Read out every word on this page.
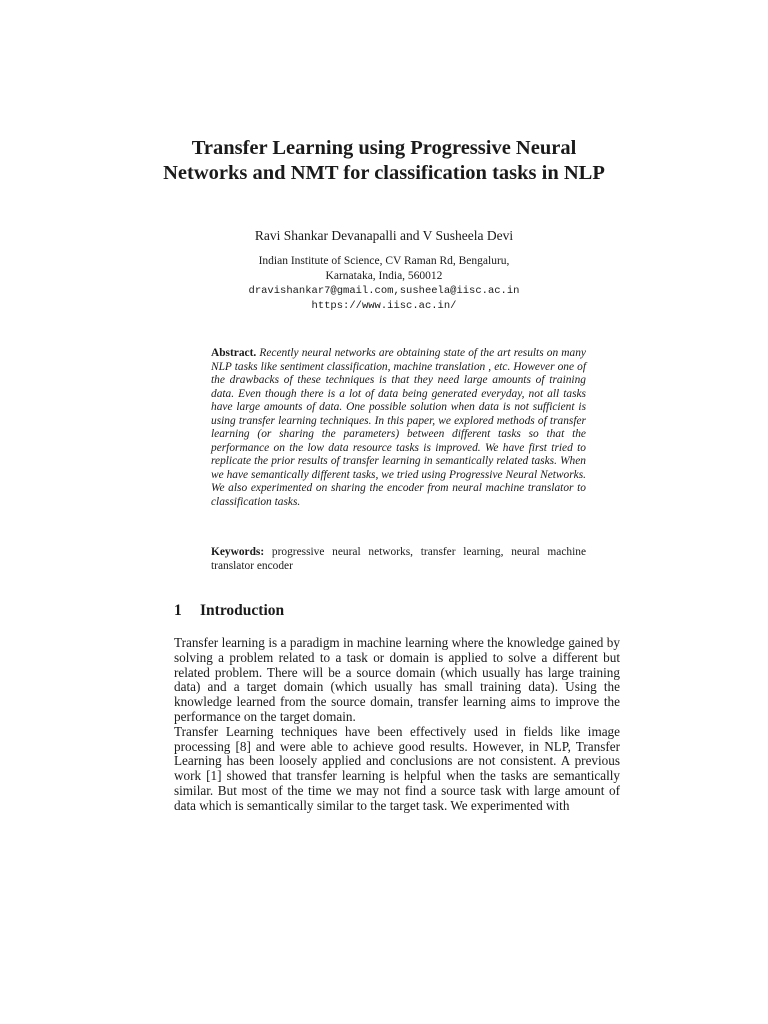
Transfer Learning using Progressive Neural Networks and NMT for classification tasks in NLP
Ravi Shankar Devanapalli and V Susheela Devi
Indian Institute of Science, CV Raman Rd, Bengaluru,
Karnataka, India, 560012
dravishankar7@gmail.com,susheela@iisc.ac.in
https://www.iisc.ac.in/

Abstract. Recently neural networks are obtaining state of the art results on many NLP tasks like sentiment classification, machine translation , etc. However one of the drawbacks of these techniques is that they need large amounts of training data. Even though there is a lot of data being generated everyday, not all tasks have large amounts of data. One possible solution when data is not sufficient is using transfer learning techniques. In this paper, we explored methods of transfer learning (or sharing the parameters) between different tasks so that the performance on the low data resource tasks is improved. We have first tried to replicate the prior results of transfer learning in semantically related tasks. When we have semantically different tasks, we tried using Progressive Neural Networks. We also experimented on sharing the encoder from neural machine translator to classification tasks.

Keywords: progressive neural networks, transfer learning, neural machine translator encoder

1 Introduction

Transfer learning is a paradigm in machine learning where the knowledge gained by solving a problem related to a task or domain is applied to solve a different but related problem. There will be a source domain (which usually has large training data) and a target domain (which usually has small training data). Using the knowledge learned from the source domain, transfer learning aims to improve the performance on the target domain.

Transfer Learning techniques have been effectively used in fields like image processing [8] and were able to achieve good results. However, in NLP, Transfer Learning has been loosely applied and conclusions are not consistent. A previous work [1] showed that transfer learning is helpful when the tasks are semantically similar. But most of the time we may not find a source task with large amount of data which is semantically similar to the target task. We experimented with
